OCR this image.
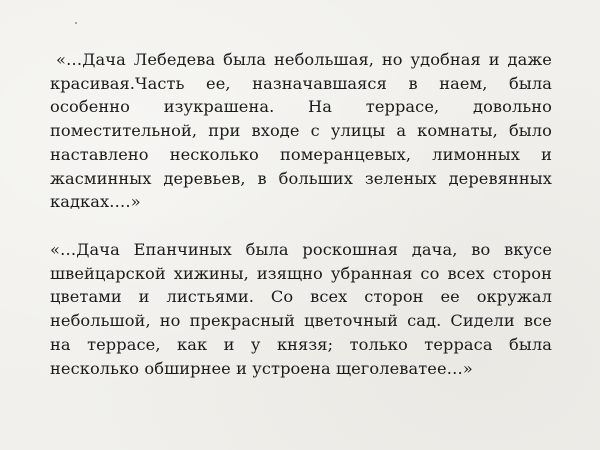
«…Дача Лебедева была небольшая, но удобная и даже красивая.Часть ее, назначавшаяся в наем, была особенно изукрашена. На террасе, довольно поместительной, при входе с улицы а комнаты, было наставлено несколько померанцевых, лимонных и жасминных деревьев, в больших зеленых деревянных кадках.…»

«…Дача Епанчиных была роскошная дача, во вкусе швейцарской хижины, изящно убранная со всех сторон цветами и листьями. Со всех сторон ее окружал небольшой, но прекрасный цветочный сад. Сидели все на террасе, как и у князя; только терраса была несколько обширнее и устроена щеголеватее…»
